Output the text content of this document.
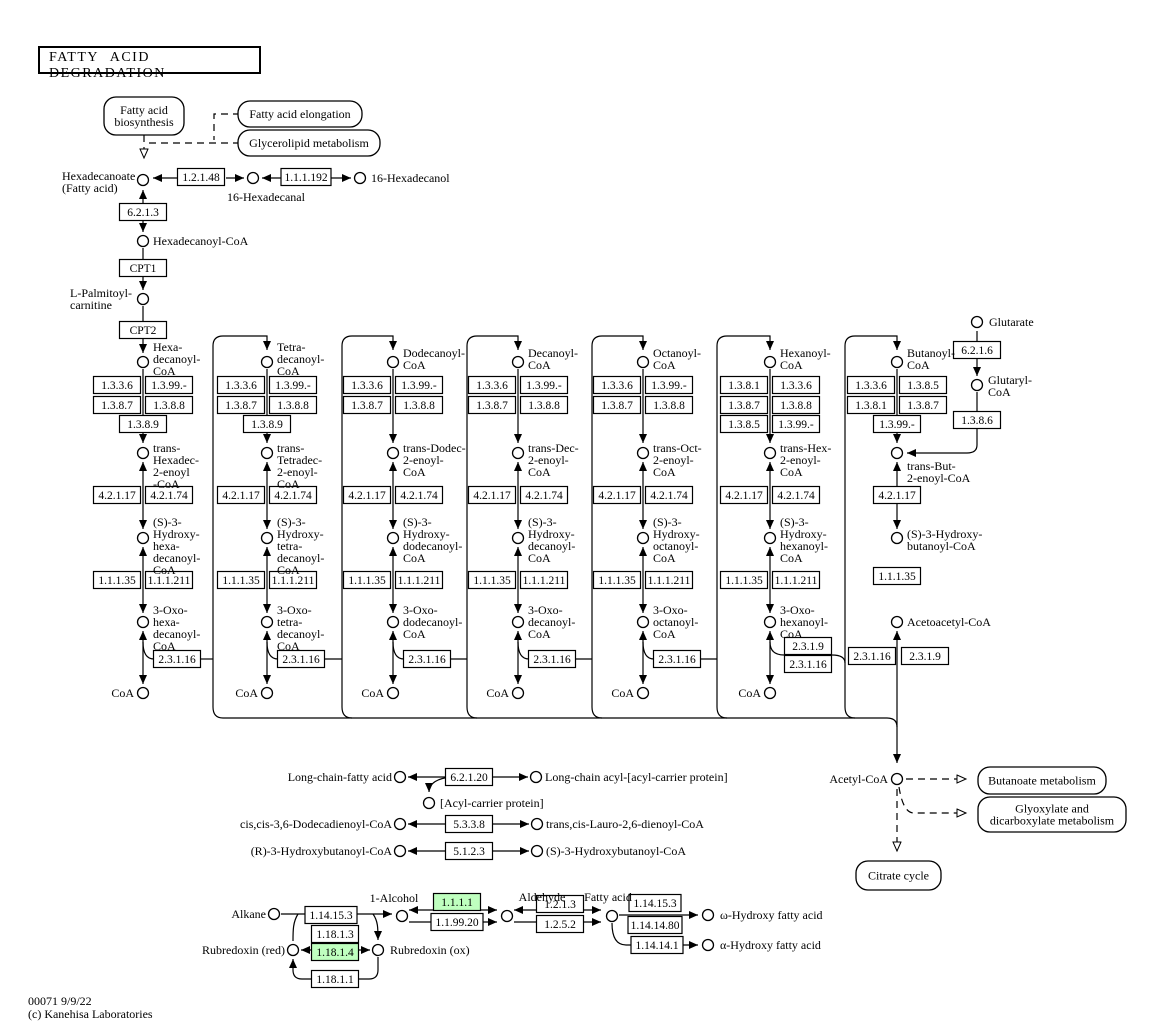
Fatty acid biosynthesis
Fatty acid elongation
Glycerolipid metabolism
Butanoate metabolism
Glyoxylate and dicarboxylate metabolism
Citrate cycle
1.2.1.48	1.1.1.192
6.2.1.3
CPT1
CPT2
1.3.3.6 1.3.99.-
1.3.8.7 1.3.8.8
1.3.8.9
1.3.3.6 1.3.99.-
1.3.8.7 1.3.8.8
1.3.8.9
1.3.3.6 1.3.99.-
1.3.8.7 1.3.8.8
1.3.3.6 1.3.99.-
1.3.8.7 1.3.8.8
1.3.3.6 1.3.99.-
1.3.8.7 1.3.8.8
1.3.8.1 1.3.3.6
1.3.8.7 1.3.8.8
1.3.8.5 1.3.99.-
1.3.3.6 1.3.8.5
1.3.8.1 1.3.8.7
1.3.99.-
4.2.1.17 4.2.1.74	4.2.1.17 4.2.1.74	4.2.1.17 4.2.1.74	4.2.1.17 4.2.1.74	4.2.1.17 4.2.1.74	4.2.1.17 4.2.1.74	4.2.1.17
1.1.1.35 1.1.1.211	1.1.1.35 1.1.1.211	1.1.1.35 1.1.1.211	1.1.1.35 1.1.1.211	1.1.1.35 1.1.1.211	1.1.1.35 1.1.1.211	1.1.1.35
2.3.1.16	2.3.1.16	2.3.1.16	2.3.1.16	2.3.1.16
2.3.1.9
2.3.1.16
2.3.1.16 2.3.1.9
6.2.1.6
1.3.8.6
6.2.1.20
5.3.3.8
5.1.2.3
1.14.15.3
1.1.1.1
1.1.99.20
1.2.1.3
1.2.5.2
1.14.15.3
1.14.14.80
1.14.14.1
1.18.1.3
1.18.1.4
1.18.1.1
Hexadecanoate (Fatty acid)
16-Hexadecanal
16-Hexadecanol
Hexadecanoyl-CoA
L-Palmitoyl-carnitine
Hexa-decanoyl-CoA
Tetra-decanoyl-CoA
Dodecanoyl-CoA
Decanoyl-CoA
Octanoyl-CoA
Hexanoyl-CoA
Butanoyl-CoA
trans-Hexadec-2-enoyl -CoA
trans-Tetradec-2-enoyl-CoA
trans-Dodec-2-enoyl-CoA
trans-Dec-2-enoyl-CoA
trans-Oct-2-enoyl-CoA
trans-Hex-2-enoyl-CoA	trans-But-2-enoyl-CoA
(S)-3-Hydroxy-hexa-decanoyl-CoA
(S)-3-Hydroxy-tetra-decanoyl-CoA
(S)-3-Hydroxy-dodecanoyl-CoA
(S)-3-Hydroxy-decanoyl-CoA
(S)-3-Hydroxy-octanoyl-CoA
(S)-3-Hydroxy-hexanoyl-CoA
(S)-3-Hydroxy-butanoyl-CoA
3-Oxo-hexa-decanoyl-CoA
3-Oxo-tetra-decanoyl-CoA
3-Oxo-dodecanoyl-CoA
3-Oxo-decanoyl-CoA
3-Oxo-octanoyl-CoA
3-Oxo-hexanoyl-CoA
Acetoacetyl-CoA
CoA	CoA	CoA	CoA	CoA	CoA
Glutarate
Glutaryl-CoA
Acetyl-CoA
Long-chain-fatty acid	Long-chain acyl-[acyl-carrier protein]
[Acyl-carrier protein]
cis,cis-3,6-Dodecadienoyl-CoA	trans,cis-Lauro-2,6-dienoyl-CoA
(R)-3-Hydroxybutanoyl-CoA	(S)-3-Hydroxybutanoyl-CoA
Alkane
1-Alcohol	Aldehyde Fatty acid
ω-Hydroxy fatty acid
α-Hydroxy fatty acid
Rubredoxin (red)	Rubredoxin (ox)
FATTY ACID DEGRADATION
00071 9/9/22
(c) Kanehisa Laboratories
